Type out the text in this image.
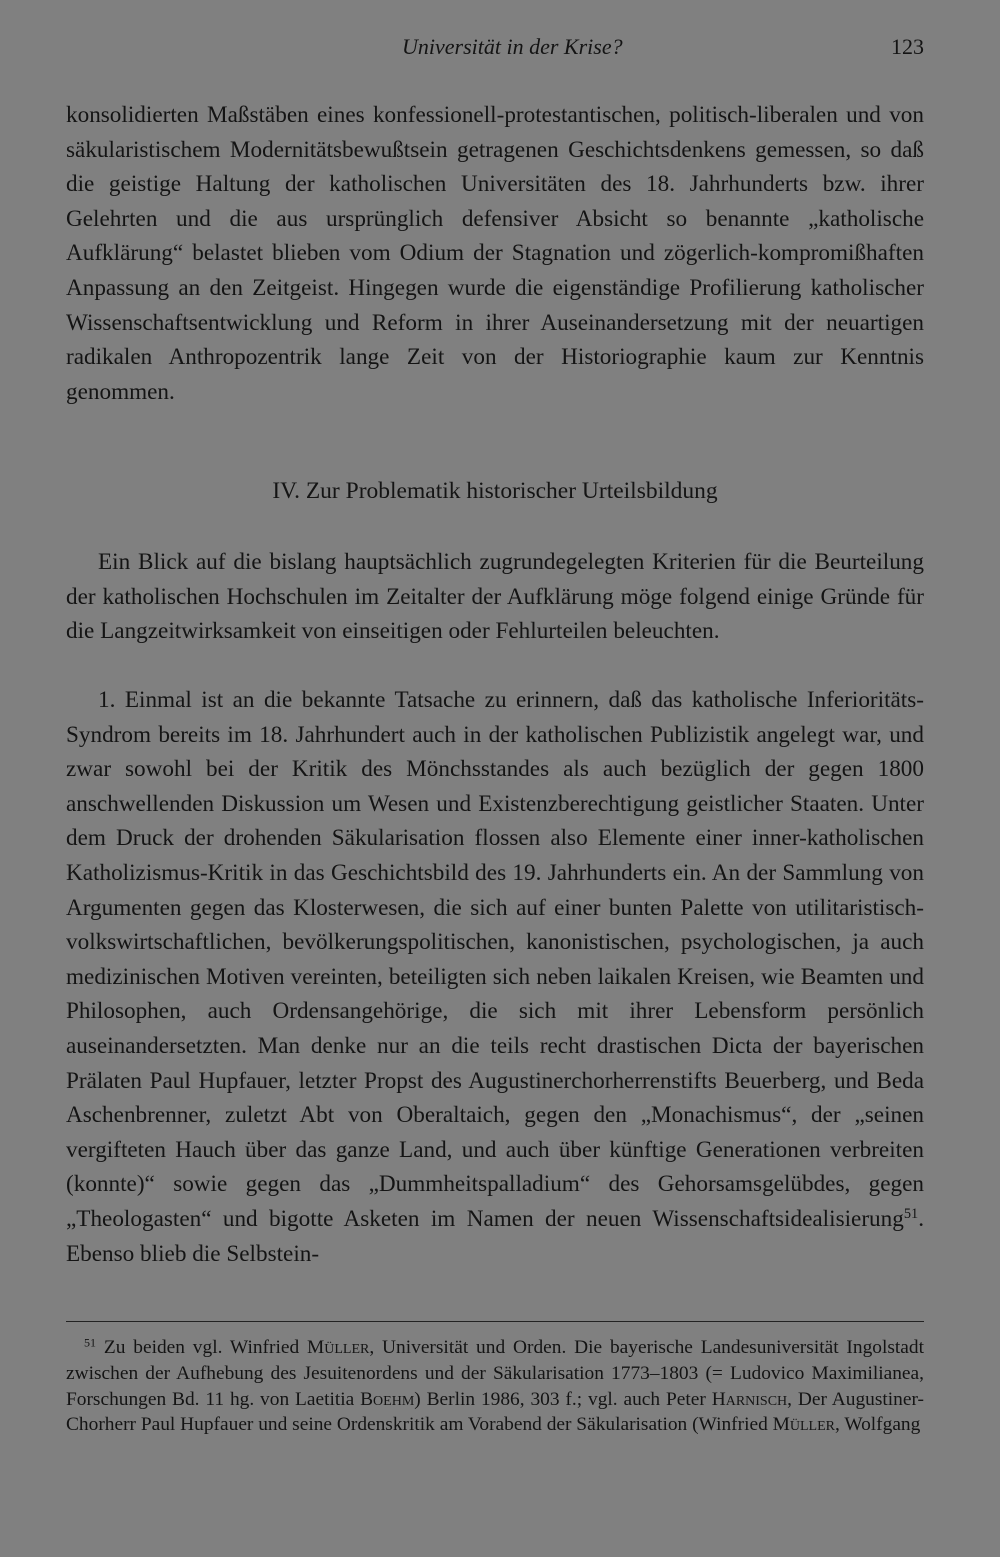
Universität in der Krise?	123

konsolidierten Maßstäben eines konfessionell-protestantischen, politisch-liberalen und von säkularistischem Modernitätsbewußtsein getragenen Geschichtsdenkens gemessen, so daß die geistige Haltung der katholischen Universitäten des 18. Jahrhunderts bzw. ihrer Gelehrten und die aus ursprünglich defensiver Absicht so benannte „katholische Aufklärung“ belastet blieben vom Odium der Stagnation und zögerlich-kompromißhaften Anpassung an den Zeitgeist. Hingegen wurde die eigenständige Profilierung katholischer Wissenschaftsentwicklung und Reform in ihrer Auseinandersetzung mit der neuartigen radikalen Anthropozentrik lange Zeit von der Historiographie kaum zur Kenntnis genommen.

IV. Zur Problematik historischer Urteilsbildung

Ein Blick auf die bislang hauptsächlich zugrundegelegten Kriterien für die Beurteilung der katholischen Hochschulen im Zeitalter der Aufklärung möge folgend einige Gründe für die Langzeitwirksamkeit von einseitigen oder Fehlurteilen beleuchten.

1. Einmal ist an die bekannte Tatsache zu erinnern, daß das katholische Inferioritäts-Syndrom bereits im 18. Jahrhundert auch in der katholischen Publizistik angelegt war, und zwar sowohl bei der Kritik des Mönchsstandes als auch bezüglich der gegen 1800 anschwellenden Diskussion um Wesen und Existenzberechtigung geistlicher Staaten. Unter dem Druck der drohenden Säkularisation flossen also Elemente einer inner-katholischen Katholizismus-Kritik in das Geschichtsbild des 19. Jahrhunderts ein. An der Sammlung von Argumenten gegen das Klosterwesen, die sich auf einer bunten Palette von utilitaristisch-volkswirtschaftlichen, bevölkerungspolitischen, kanonistischen, psychologischen, ja auch medizinischen Motiven vereinten, beteiligten sich neben laikalen Kreisen, wie Beamten und Philosophen, auch Ordensangehörige, die sich mit ihrer Lebensform persönlich auseinandersetzten. Man denke nur an die teils recht drastischen Dicta der bayerischen Prälaten Paul Hupfauer, letzter Propst des Augustinerchorherrenstifts Beuerberg, und Beda Aschenbrenner, zuletzt Abt von Oberaltaich, gegen den „Monachismus“, der „seinen vergifteten Hauch über das ganze Land, und auch über künftige Generationen verbreiten (konnte)“ sowie gegen das „Dummheitspalladium“ des Gehorsamsgelübdes, gegen „Theologasten“ und bigotte Asketen im Namen der neuen Wissenschaftsidealisierung$^{51}$. Ebenso blieb die Selbstein-

$^{51}$ Zu beiden vgl. Winfried Müller, Universität und Orden. Die bayerische Landesuniversität Ingolstadt zwischen der Aufhebung des Jesuitenordens und der Säkularisation 1773–1803 (= Ludovico Maximilianea, Forschungen Bd. 11 hg. von Laetitia Boehm) Berlin 1986, 303 f.; vgl. auch Peter Harnisch, Der Augustiner-Chorherr Paul Hupfauer und seine Ordenskritik am Vorabend der Säkularisation (Winfried Müller, Wolfgang
